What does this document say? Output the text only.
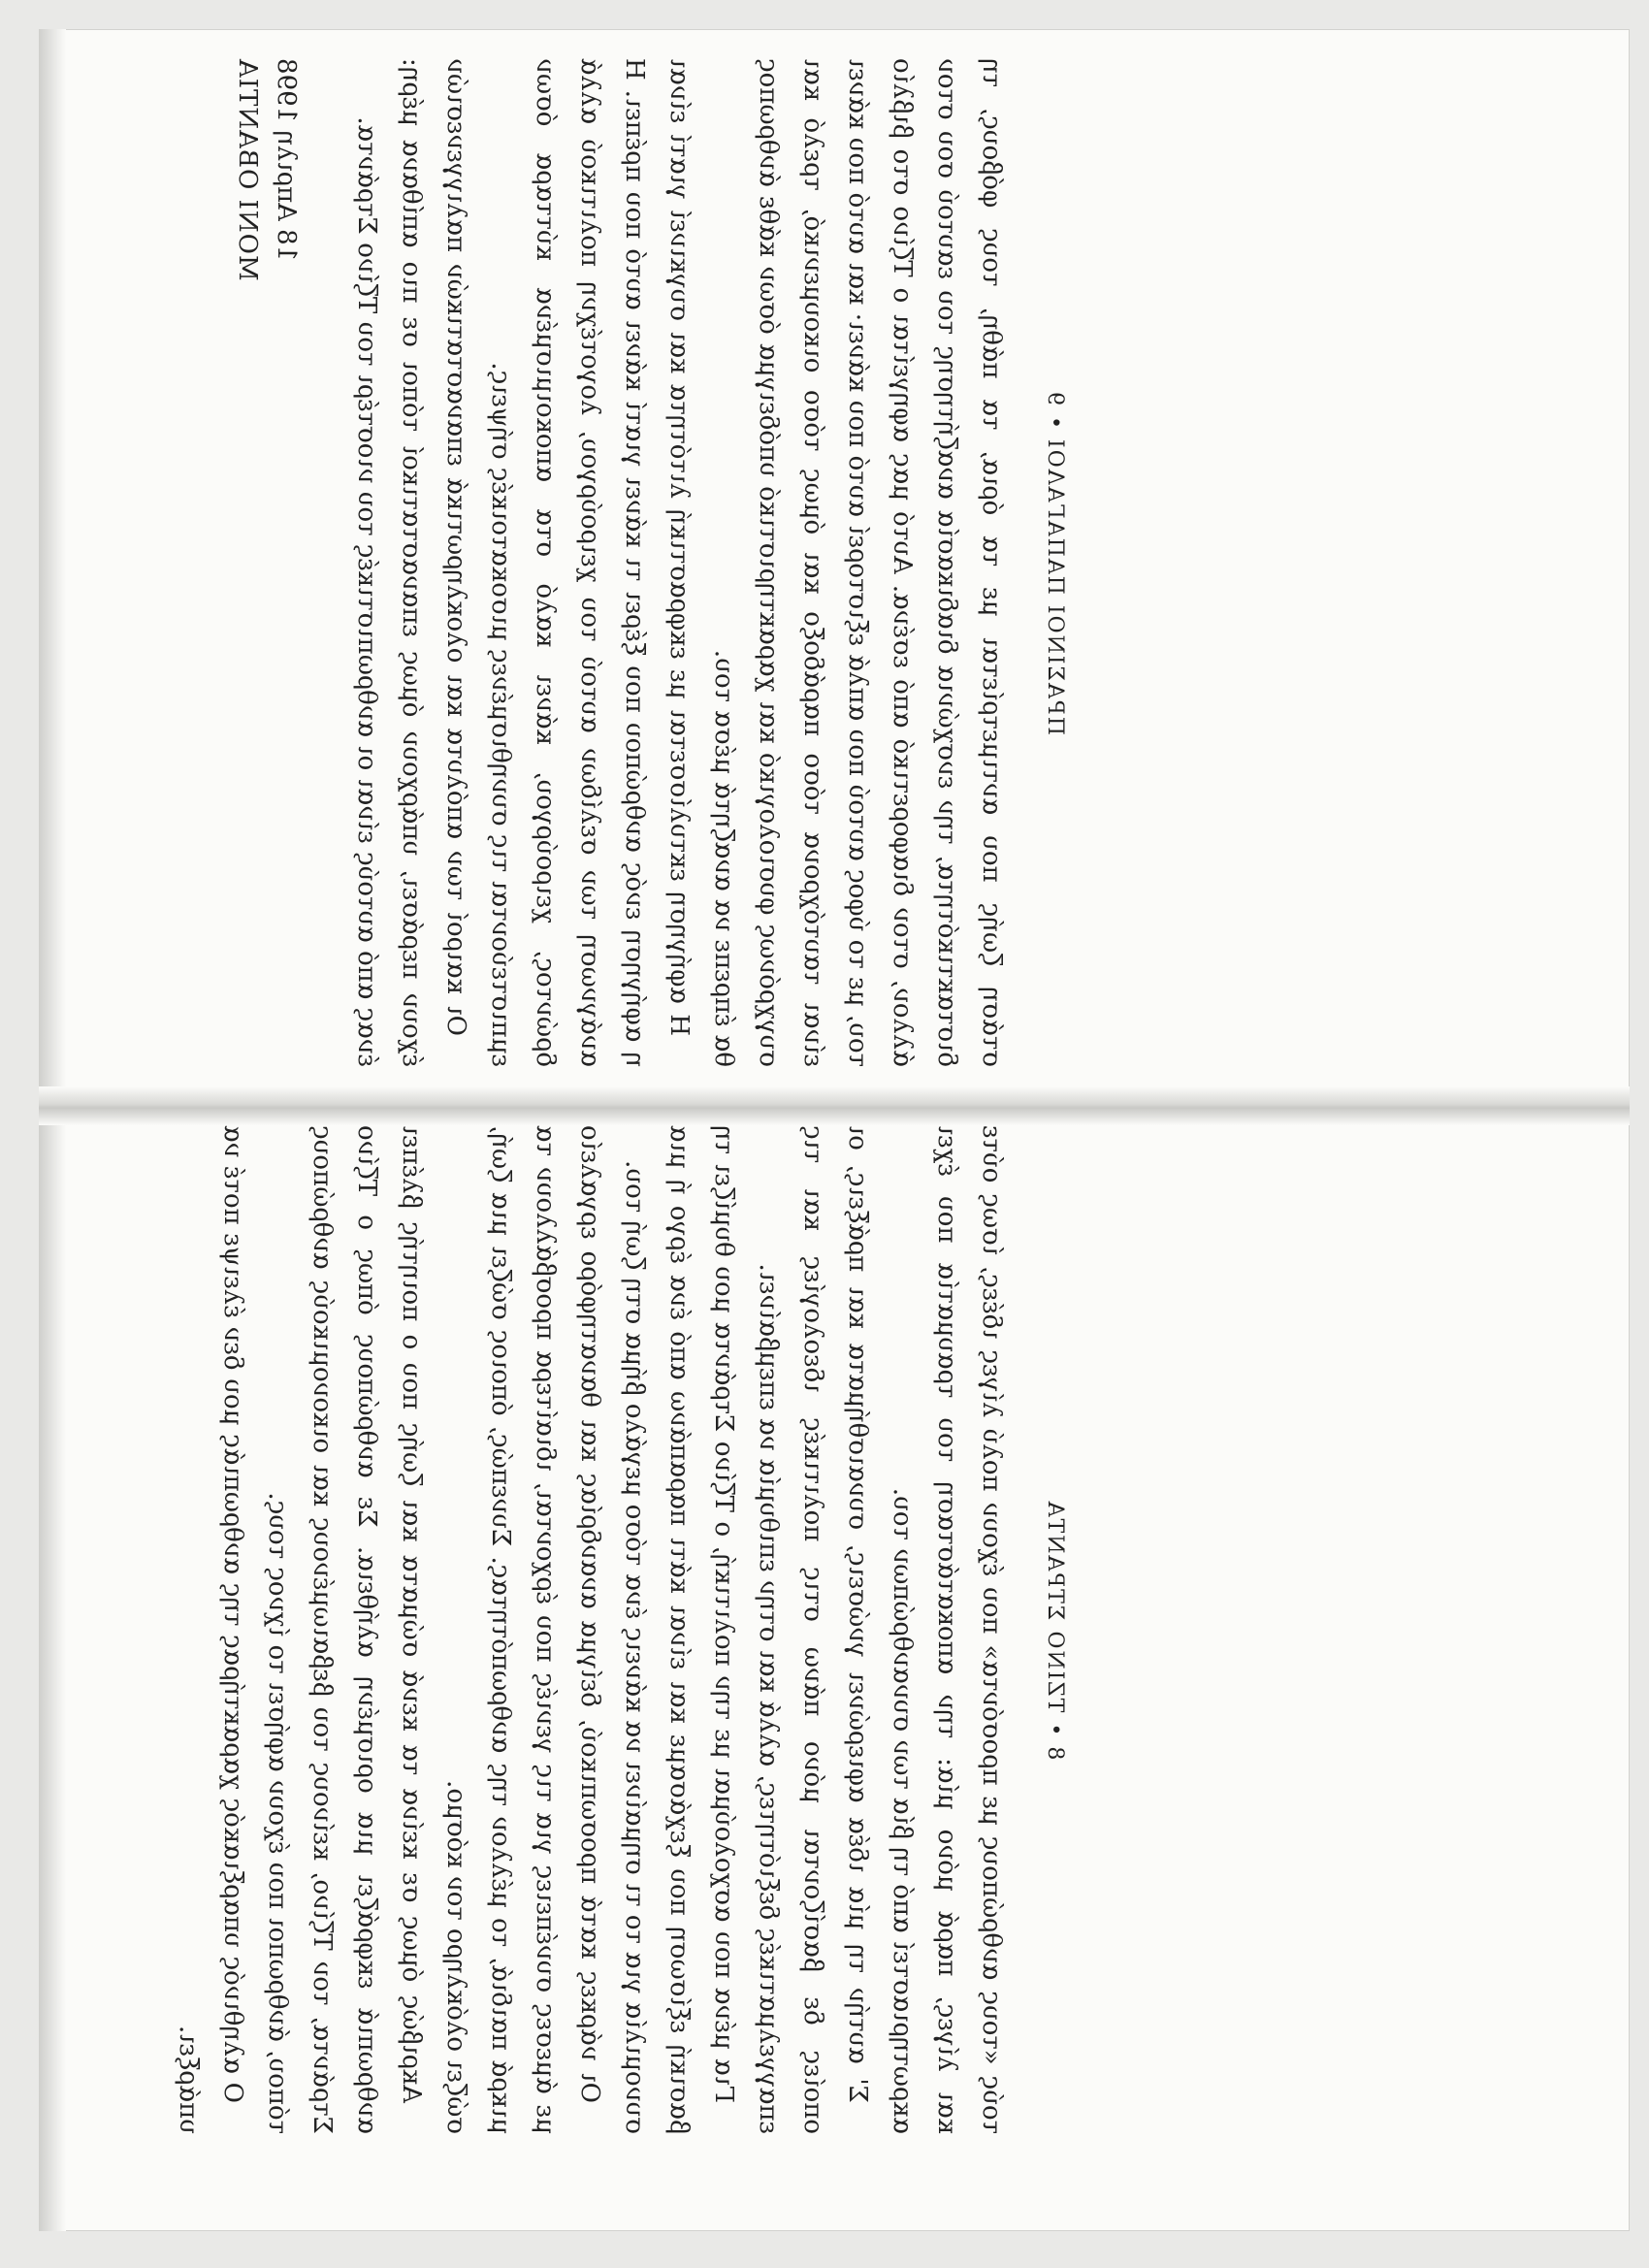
ΠΡΑΣΙΝΟΙ ΠΑΠΑΓΑΛΟΙ • 9

στάση ζωής που αντιμετρίεται με τα όρια, τα πάθη, τους φόβους, τη διστακτικότητα, την ενσχώνια διαδικασία αναζήτησης του εαυτού σου στον άλλον, στον διαφορετικό από εσένα. Αυτό μας αφηγείται ο Τζίνο στο βιβλίο του, με το ύφος αυτού που απλά εξιστορεί αυτό που κάνει· και αυτό που κάνει είναι ταυτόχρονα τόσο παράδοξο και όμως τόσο οικουμενικό, τρελό και συγχρόνως φυσιολογικό και χαρακτηριστικό υπόδειγμα όσων κάθε άνθρωπος θα έπρεπε να αναζητά μέσα του.

Η αφήγηση εκτυλίσσεται με εκφραστική λιτότητα και συγκινεί γιατί είναι η αφήγηση ενός ανθρώπου που ξέρει τι κάνει γιατί κάνει αυτό που πρέπει. Η ανάγνωση των σελίδων αυτού του χειρούργου, λογοτέχνη πολιτικού αλλά δρώντος, χειρούργου, κάνει καλό στα αποκοιμισμένα κύτταρα όσων εμπιστεύονται τις συνηθισμένες μισοκατοικές σήψεις.

Οι καιροί των απόλυτα και ολοκληρωτικά επαναστατικών παλιγγενεσιών έχουν περάσει, υπάρχουν όμως επαναστατικοί τόποι σε πιο απίθανα μέρη: ένας από αυτούς είναι οι ανθρωπιστικές του νιοστέρι του Τζίνο Στράντα.

18 Απριλη 1998
ΜΟΝΙ ΟΒΑΝΤΙΑ
8 • ΤΖΙΝΟ ΣΤΡΑΝΤΑ

τούς «τους ανθρώπους με προσόντα» που έχουν πολύ λίγες ιδέες, ίσως ούτε και λίγες, παρά μόνο μία: την αποκατάσταση του τραυματία που έχει ακρωτηριαστεί από τη βία των συνανθρώπων του.

Σ' αυτήν τη μία ιδέα αφιερώνει γνώσεις, συναισθήματα και πράξεις, οι οποίες δε βασίζονται μόνο πάνω στις πολιτικές ιδεολογίες και τις επαγγελματικές δεξιότητες, αλλά και στην επιθυμία να επεμβαίνει.

Για μένα που ασχολούμαι με την πολιτική, ο Τζίνο Στράντα μου θυμίζει τη βασική εξίσωση που ξεχάσαμε και είναι κάτι παραπάνω από ένα έργο ή μια συνομιλία για το τι σημαίνει να κάνεις ένα τόσο μεγάλο βήμα στη ζωή του.

Οι νάρκες κατά προσωπικού, δείγμα ανανδρίας και θανατηφόρο εργαλείο με άμεσες συνέπειες για τις γενιές που έρχονται, ιδιαίτερα προσβάλλουν τα μικρά παιδιά, το μέλλον της ανθρωπότητας. Συνεπώς, όποιος σώζει μια ζωή, σώζει ολόκληρο τον κόσμο.

Ακριβώς όμως σε κείνα τα κενά σώματα και ζωής που ο ποιητής βλέπει ανθρωπιά εκφράζει μια ορισμένη αλήθεια. Σε ανθρώπους όπως ο Τζίνο Στράντα, τον Τζίνο, κείνους του βεβαιωμένους και οικονομικούς ανθρώπους τόπου, άνθρωποι που έχουν αφήσει το ίχνος τους.

Ο αληθινός υπαρξιακός χαρακτήρας της ανθρωπιάς μου δεν έλειψε ποτέ να υπάρξει.
